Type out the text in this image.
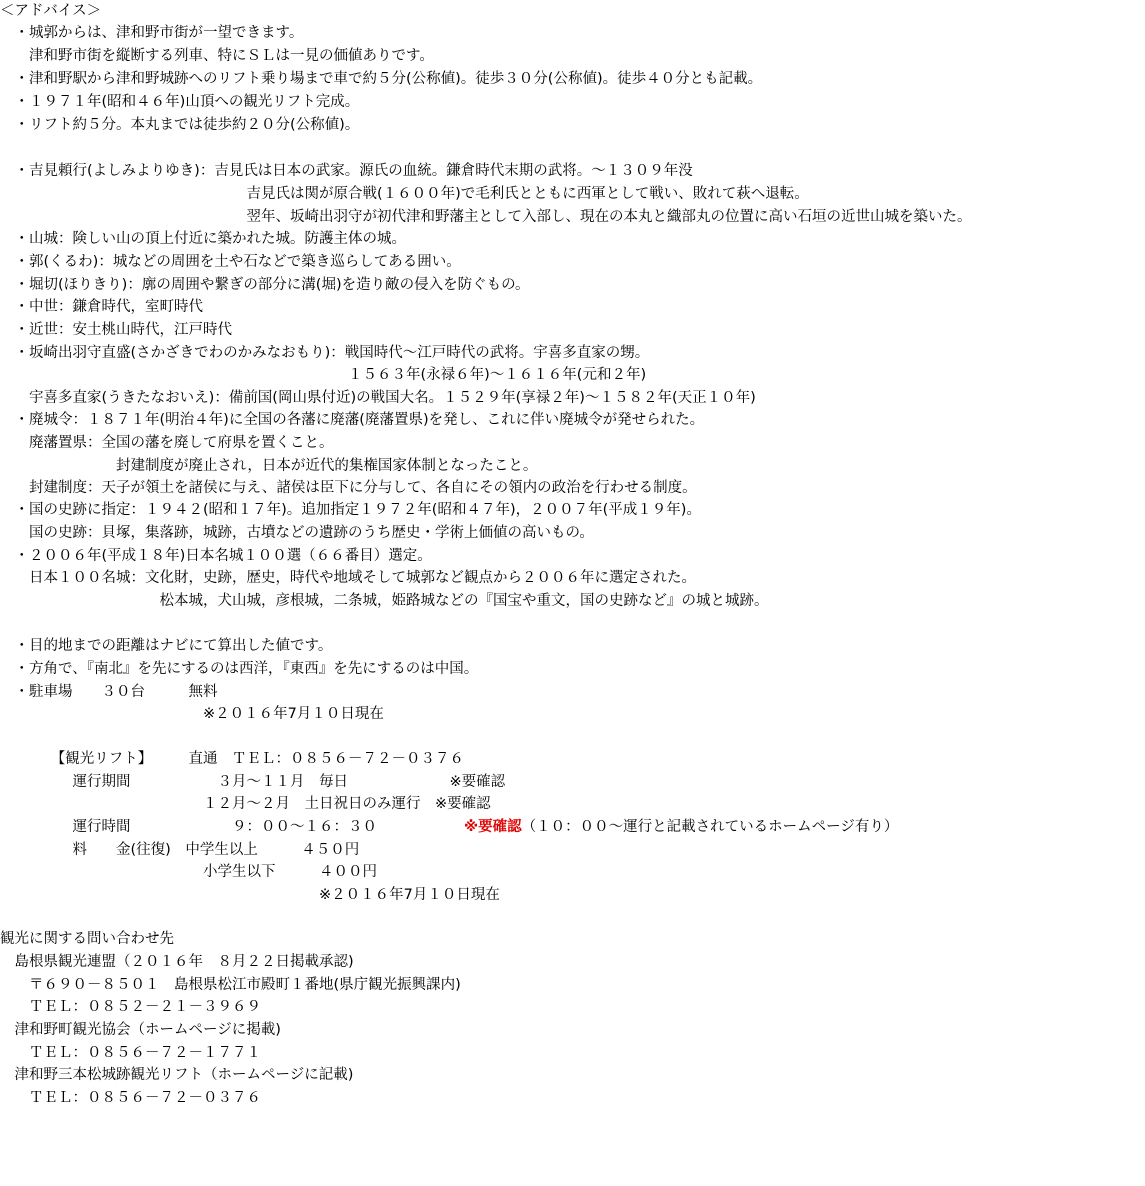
＜アドバイス＞
　・城郭からは、津和野市街が一望できます。
　　津和野市街を縦断する列車、特にＳＬは一見の価値ありです。
　・津和野駅から津和野城跡へのリフト乗り場まで車で約５分(公称値)。徒歩３０分(公称値)。徒歩４０分とも記載。
　・１９７１年(昭和４６年)山頂への観光リフト完成。
　・リフト約５分。本丸までは徒歩約２０分(公称値)。
　・吉見頼行(よしみよりゆき)：吉見氏は日本の武家。源氏の血統。鎌倉時代末期の武将。～１３０９年没
　　　　　　　　　　　　　　　　　吉見氏は関が原合戦(１６００年)で毛利氏とともに西軍として戦い、敗れて萩へ退転。
　　　　　　　　　　　　　　　　　翌年、坂崎出羽守が初代津和野藩主として入部し、現在の本丸と織部丸の位置に高い石垣の近世山城を築いた。
　・山城：険しい山の頂上付近に築かれた城。防護主体の城。
　・郭(くるわ)：城などの周囲を土や石などで築き巡らしてある囲い。
　・堀切(ほりきり)：廓の周囲や繋ぎの部分に溝(堀)を造り敵の侵入を防ぐもの。
　・中世：鎌倉時代，室町時代
　・近世：安土桃山時代，江戸時代
　・坂崎出羽守直盛(さかざきでわのかみなおもり)：戦国時代～江戸時代の武将。宇喜多直家の甥。
　　　　　　　　　　　　　　　　　　　　　　　　１５６３年(永禄６年)～１６１６年(元和２年)
　　宇喜多直家(うきたなおいえ)：備前国(岡山県付近)の戦国大名。１５２９年(享禄２年)～１５８２年(天正１０年)
　・廃城令：１８７１年(明治４年)に全国の各藩に廃藩(廃藩置県)を発し、これに伴い廃城令が発せられた。
　　廃藩置県：全国の藩を廃して府県を置くこと。
　　　　　　　　封建制度が廃止され，日本が近代的集権国家体制となったこと。
　　封建制度：天子が領土を諸侯に与え、諸侯は臣下に分与して、各自にその領内の政治を行わせる制度。
　・国の史跡に指定：１９４２(昭和１７年)。追加指定１９７２年(昭和４７年)，２００７年(平成１９年)。
　　国の史跡：貝塚，集落跡，城跡，古墳などの遺跡のうち歴史・学術上価値の高いもの。
　・２００６年(平成１８年)日本名城１００選（６６番目）選定。
　　日本１００名城：文化財，史跡，歴史，時代や地域そして城郭など観点から２００６年に選定された。
　　　　　　　　　　　松本城，犬山城，彦根城，二条城，姫路城などの『国宝や重文，国の史跡など』の城と城跡。
　・目的地までの距離はナビにて算出した値です。
　・方角で、『南北』を先にするのは西洋，『東西』を先にするのは中国。
　・駐車場　　３０台　　　無料
　　　　　　　　　　　　　　※２０１６年7月１０日現在
　　　　【観光リフト】　　　直通　ＴＥＬ：０８５６－７２－０３７６
　　　　　運行期間　　　　　　３月～１１月　毎日　　　　　　　※要確認
　　　　　　　　　　　　　　１２月～２月　土日祝日のみ運行　※要確認
　　　　　運行時間　　　　　　　９：００～１６：３０　　　　　　※要確認（１０：００～運行と記載されているホームページ有り）
　　　　　料　　金(往復)　中学生以上　　　４５０円
　　　　　　　　　　　　　　小学生以下　　　４００円
　　　　　　　　　　　　　　　　　　　　　　※２０１６年7月１０日現在
観光に関する問い合わせ先
　島根県観光連盟（２０１６年　８月２２日掲載承認)
　　〒６９０－８５０１　島根県松江市殿町１番地(県庁観光振興課内)
　　ＴＥＬ：０８５２－２１－３９６９
　津和野町観光協会（ホームページに掲載)
　　ＴＥＬ：０８５６－７２－１７７１
　津和野三本松城跡観光リフト（ホームページに記載)
　　ＴＥＬ：０８５６－７２－０３７６
